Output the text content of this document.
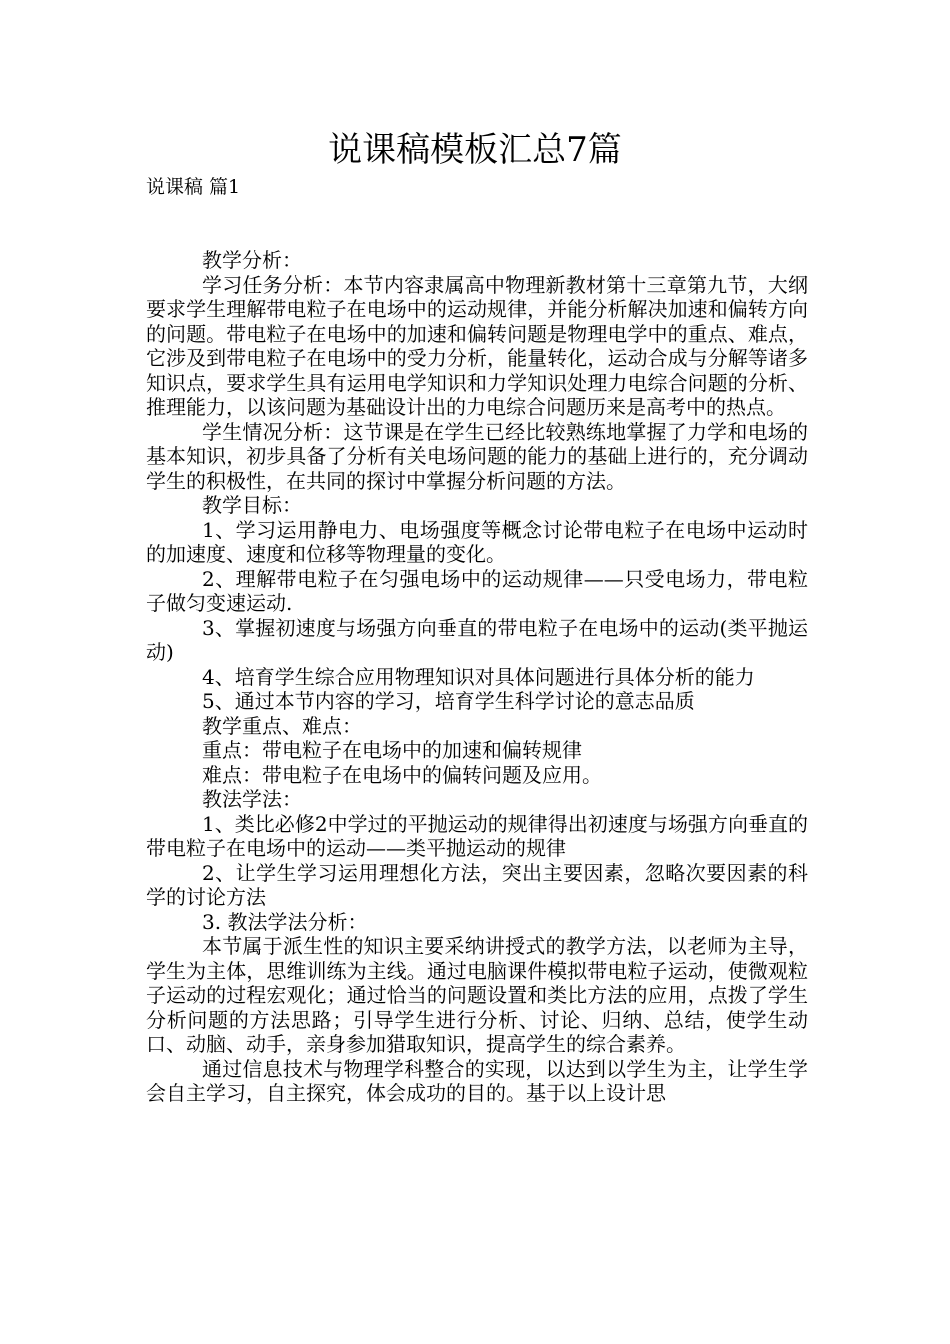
说课稿模板汇总7篇
说课稿 篇1

教学分析：

学习任务分析：本节内容隶属高中物理新教材第十三章第九节，大纲要求学生理解带电粒子在电场中的运动规律，并能分析解决加速和偏转方向的问题。带电粒子在电场中的加速和偏转问题是物理电学中的重点、难点，它涉及到带电粒子在电场中的受力分析，能量转化，运动合成与分解等诸多知识点，要求学生具有运用电学知识和力学知识处理力电综合问题的分析、推理能力，以该问题为基础设计出的力电综合问题历来是高考中的热点。

学生情况分析：这节课是在学生已经比较熟练地掌握了力学和电场的基本知识，初步具备了分析有关电场问题的能力的基础上进行的，充分调动学生的积极性，在共同的探讨中掌握分析问题的方法。

教学目标：

1、学习运用静电力、电场强度等概念讨论带电粒子在电场中运动时的加速度、速度和位移等物理量的变化。

2、理解带电粒子在匀强电场中的运动规律——只受电场力，带电粒子做匀变速运动.

3、掌握初速度与场强方向垂直的带电粒子在电场中的运动(类平抛运动)

4、培育学生综合应用物理知识对具体问题进行具体分析的能力

5、通过本节内容的学习，培育学生科学讨论的意志品质

教学重点、难点：

重点：带电粒子在电场中的加速和偏转规律

难点：带电粒子在电场中的偏转问题及应用。

教法学法：

1、类比必修2中学过的平抛运动的规律得出初速度与场强方向垂直的带电粒子在电场中的运动——类平抛运动的规律

2、让学生学习运用理想化方法，突出主要因素，忽略次要因素的科学的讨论方法

3. 教法学法分析：

本节属于派生性的知识主要采纳讲授式的教学方法，以老师为主导，学生为主体，思维训练为主线。通过电脑课件模拟带电粒子运动，使微观粒子运动的过程宏观化；通过恰当的问题设置和类比方法的应用，点拨了学生分析问题的方法思路；引导学生进行分析、讨论、归纳、总结，使学生动口、动脑、动手，亲身参加猎取知识，提高学生的综合素养。

通过信息技术与物理学科整合的实现，以达到以学生为主，让学生学会自主学习，自主探究，体会成功的目的。基于以上设计思
